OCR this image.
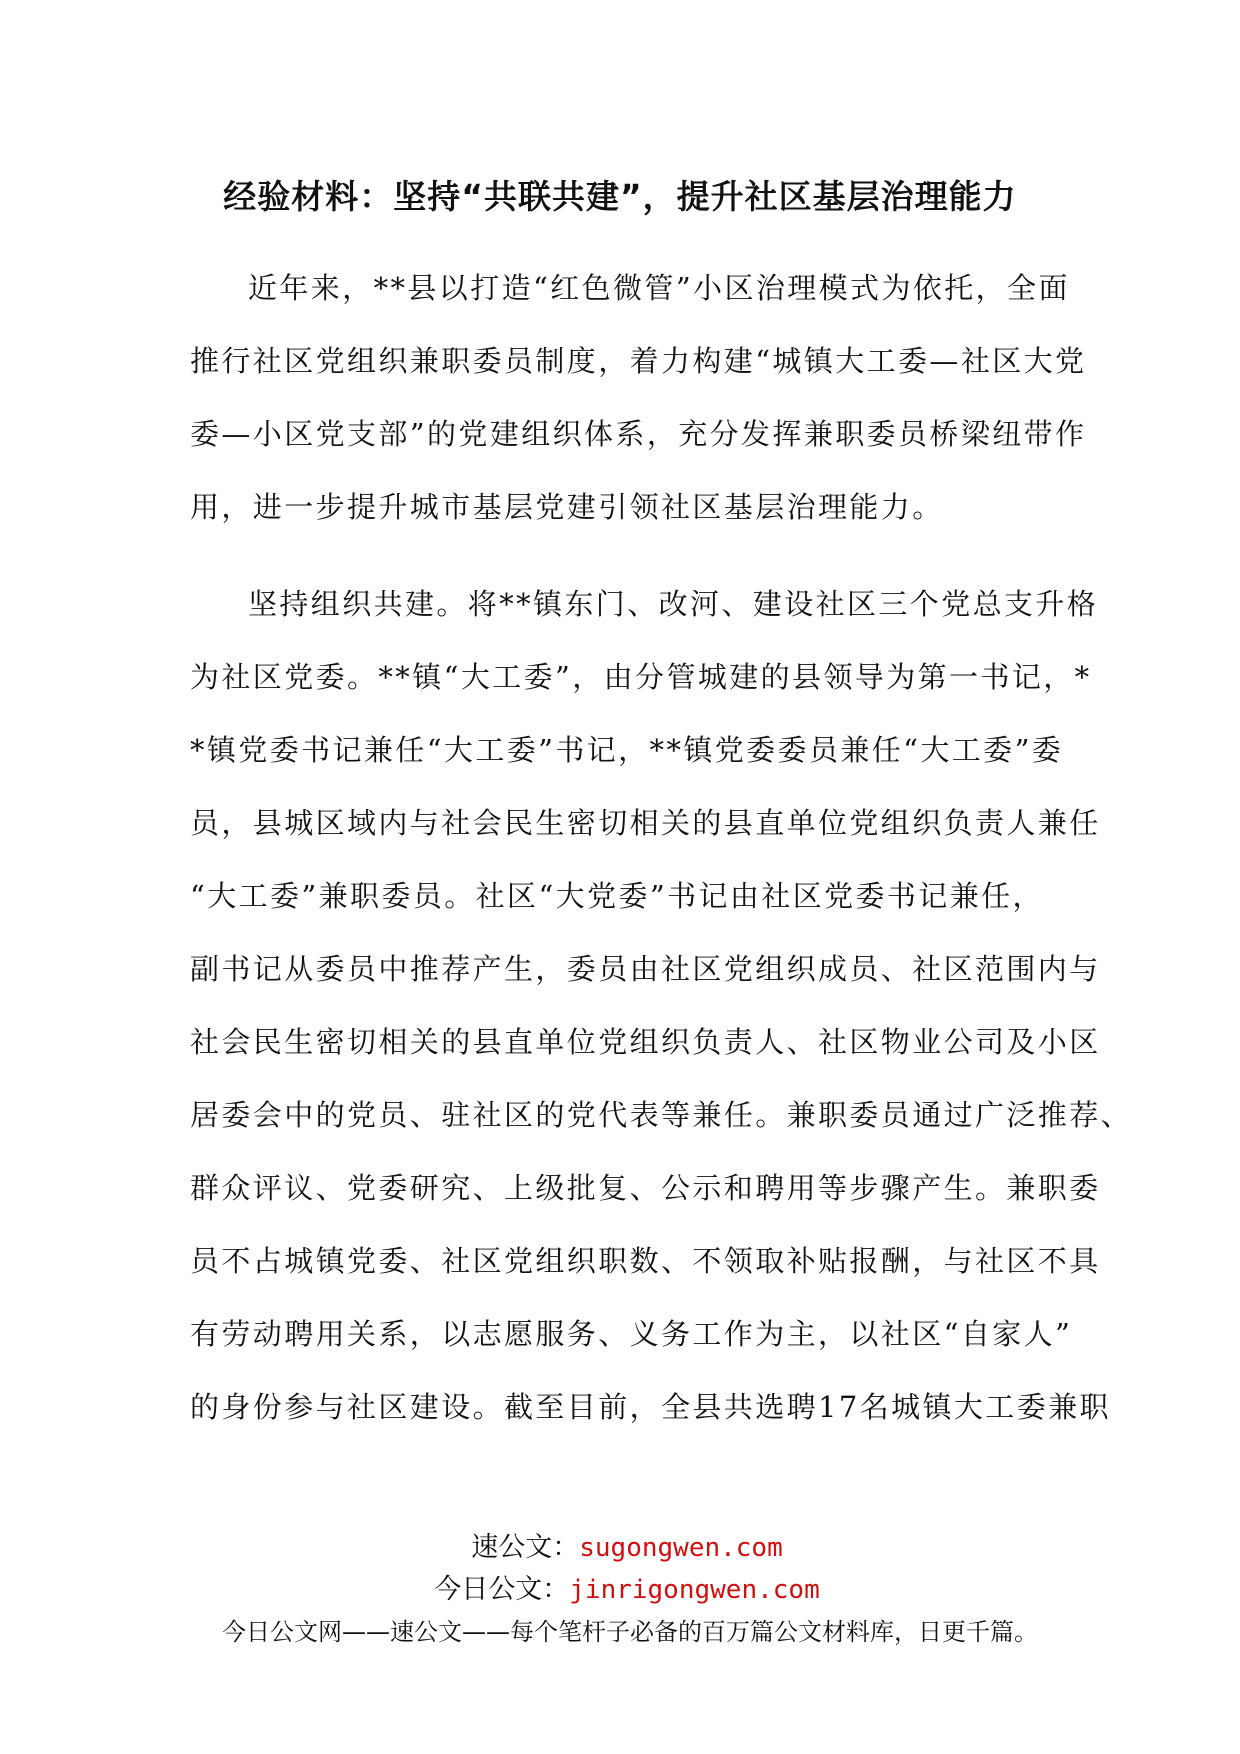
经验材料：坚持“共联共建”，提升社区基层治理能力
近年来，**县以打造“红色微管”小区治理模式为依托，全面
推行社区党组织兼职委员制度，着力构建“城镇大工委—社区大党
委—小区党支部”的党建组织体系，充分发挥兼职委员桥梁纽带作
用，进一步提升城市基层党建引领社区基层治理能力。
坚持组织共建。将**镇东门、改河、建设社区三个党总支升格
为社区党委。**镇“大工委”，由分管城建的县领导为第一书记，*
*镇党委书记兼任“大工委”书记，**镇党委委员兼任“大工委”委
员，县城区域内与社会民生密切相关的县直单位党组织负责人兼任
“大工委”兼职委员。社区“大党委”书记由社区党委书记兼任，
副书记从委员中推荐产生，委员由社区党组织成员、社区范围内与
社会民生密切相关的县直单位党组织负责人、社区物业公司及小区
居委会中的党员、驻社区的党代表等兼任。兼职委员通过广泛推荐、
群众评议、党委研究、上级批复、公示和聘用等步骤产生。兼职委
员不占城镇党委、社区党组织职数、不领取补贴报酬，与社区不具
有劳动聘用关系，以志愿服务、义务工作为主，以社区“自家人”
的身份参与社区建设。截至目前，全县共选聘17名城镇大工委兼职
速公文：sugongwen.com
今日公文：jinrigongwen.com
今日公文网——速公文——每个笔杆子必备的百万篇公文材料库，日更千篇。
